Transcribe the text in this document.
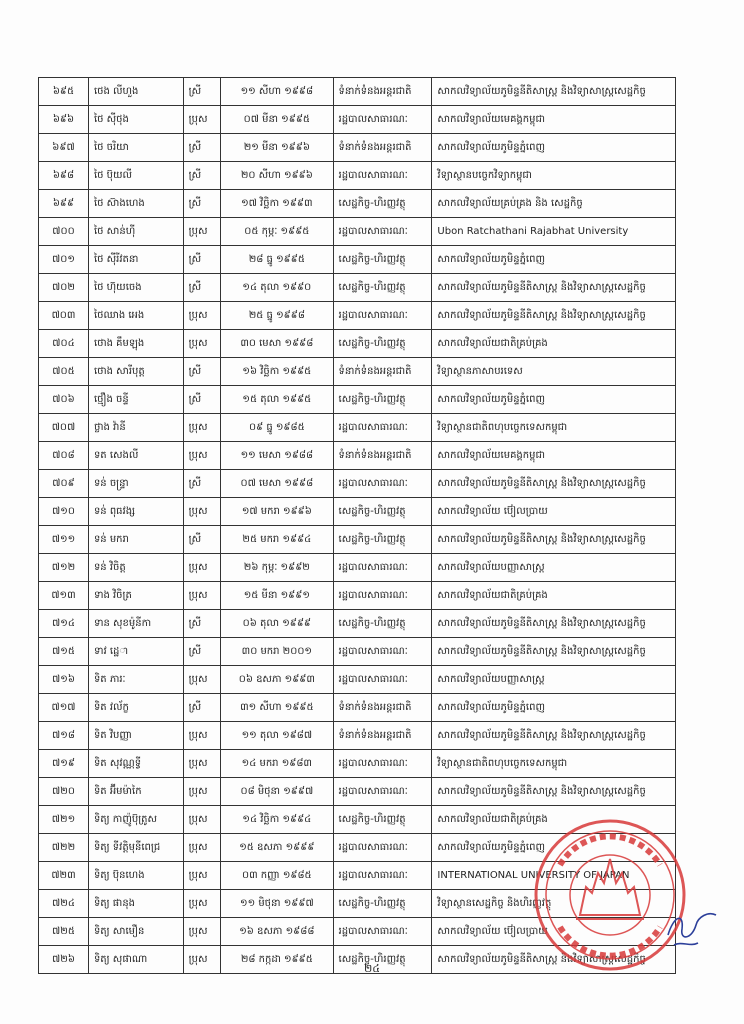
៦៩៥	ថេង លីហួង	ស្រី	១១ សីហា ១៩៩៨	ទំនាក់ទំនងអន្តរជាតិ	សាកលវិទ្យាល័យភូមិន្ទនីតិសាស្ត្រ និងវិទ្យាសាស្ត្រសេដ្ឋកិច្ច
៦៩៦	ថៃ ស៊ីថុង	ប្រុស	០៧ មីនា ១៩៩៥	រដ្ឋបាលសាធារណៈ	សាកលវិទ្យាល័យមេគង្គកម្ពុជា
៦៩៧	ថៃ ចរិយា	ស្រី	២១ មីនា ១៩៩៦	ទំនាក់ទំនងអន្តរជាតិ	សាកលវិទ្យាល័យភូមិន្ទភ្នំពេញ
៦៩៨	ថៃ ប៊ុយលី	ស្រី	២០ សីហា ១៩៩៦	រដ្ឋបាលសាធារណៈ	វិទ្យាស្ថានបច្ចេកវិទ្យាកម្ពុជា
៦៩៩	ថៃ ស៊ាងហេង	ស្រី	១៧ វិច្ឆិកា ១៩៩៣	សេដ្ឋកិច្ច-ហិរញ្ញវត្ថុ	សាកលវិទ្យាល័យគ្រប់គ្រង និង សេដ្ឋកិច្ច
៧០០	ថៃ សាន់ហ៊ី	ប្រុស	០៥ កុម្ភៈ ១៩៩៥	រដ្ឋបាលសាធារណៈ	Ubon Ratchathani Rajabhat University
៧០១	ថៃ ស៊ីរីវតនា	ស្រី	២៨ ធ្នូ ១៩៩៥	សេដ្ឋកិច្ច-ហិរញ្ញវត្ថុ	សាកលវិទ្យាល័យភូមិន្ទភ្នំពេញ
៧០២	ថៃ ហ៊ុយចេង	ស្រី	១៤ តុលា ១៩៩០	សេដ្ឋកិច្ច-ហិរញ្ញវត្ថុ	សាកលវិទ្យាល័យភូមិន្ទនីតិសាស្ត្រ និងវិទ្យាសាស្ត្រសេដ្ឋកិច្ច
៧០៣	ថៃឈាង អេង	ប្រុស	២៥ ធ្នូ ១៩៩៨	រដ្ឋបាលសាធារណៈ	សាកលវិទ្យាល័យភូមិន្ទនីតិសាស្ត្រ និងវិទ្យាសាស្ត្រសេដ្ឋកិច្ច
៧០៤	ថោង គឹមឡុង	ប្រុស	៣០ មេសា ១៩៩៨	សេដ្ឋកិច្ច-ហិរញ្ញវត្ថុ	សាកលវិទ្យាល័យជាតិគ្រប់គ្រង
៧០៥	ថោង សារីបុត្ត	ស្រី	១៦ វិច្ឆិកា ១៩៩៥	ទំនាក់ទំនងអន្តរជាតិ	វិទ្យាស្ថានភាសាបរទេស
៧០៦	ថ្មឿង ចន្ទី	ស្រី	១៥ តុលា ១៩៩៥	សេដ្ឋកិច្ច-ហិរញ្ញវត្ថុ	សាកលវិទ្យាល័យភូមិន្ទភ្នំពេញ
៧០៧	ថ្លាង វ៉ានី	ប្រុស	០៩ ធ្នូ ១៩៨៥	រដ្ឋបាលសាធារណៈ	វិទ្យាស្ថានជាតិពហុបច្ចេកទេសកម្ពុជា
៧០៨	ទត សេងលី	ប្រុស	១១ មេសា ១៩៨៨	ទំនាក់ទំនងអន្តរជាតិ	សាកលវិទ្យាល័យមេគង្គកម្ពុជា
៧០៩	ទន់ ចន្រ្ទា	ស្រី	០៧ មេសា ១៩៩៨	រដ្ឋបាលសាធារណៈ	សាកលវិទ្យាល័យភូមិន្ទនីតិសាស្ត្រ និងវិទ្យាសាស្ត្រសេដ្ឋកិច្ច
៧១០	ទន់ ពុធវង្ស	ប្រុស	១៧ មករា ១៩៩៦	សេដ្ឋកិច្ច-ហិរញ្ញវត្ថុ	សាកលវិទ្យាល័យ ប៊ៀលប្រាយ
៧១១	ទន់ មករា	ស្រី	២៥ មករា ១៩៩៤	សេដ្ឋកិច្ច-ហិរញ្ញវត្ថុ	សាកលវិទ្យាល័យភូមិន្ទនីតិសាស្ត្រ និងវិទ្យាសាស្ត្រសេដ្ឋកិច្ច
៧១២	ទន់ វិចិត្ត	ប្រុស	២៦ កុម្ភៈ ១៩៩២	រដ្ឋបាលសាធារណៈ	សាកលវិទ្យាល័យបញ្ញាសាស្ត្រ
៧១៣	ទាង វិចិត្រ	ប្រុស	១៥ មីនា ១៩៩១	រដ្ឋបាលសាធារណៈ	សាកលវិទ្យាល័យជាតិគ្រប់គ្រង
៧១៤	ទាន សុខម៉ូនីកា	ស្រី	០៦ តុលា ១៩៩៩	សេដ្ឋកិច្ច-ហិរញ្ញវត្ថុ	សាកលវិទ្យាល័យភូមិន្ទនីតិសាស្ត្រ និងវិទ្យាសាស្ត្រសេដ្ឋកិច្ច
៧១៥	ទាវ ដេ្ឋា	ស្រី	៣០ មករា ២០០១	រដ្ឋបាលសាធារណៈ	សាកលវិទ្យាល័យភូមិន្ទនីតិសាស្ត្រ និងវិទ្យាសាស្ត្រសេដ្ឋកិច្ច
៧១៦	ទិត ភារៈ	ប្រុស	០៦ ឧសភា ១៩៩៣	រដ្ឋបាលសាធារណៈ	សាកលវិទ្យាល័យបញ្ញាសាស្ត្រ
៧១៧	ទិត វល័ក្ខ	ស្រី	៣១ សីហា ១៩៩៥	ទំនាក់ទំនងអន្តរជាតិ	សាកលវិទ្យាល័យភូមិន្ទភ្នំពេញ
៧១៨	ទិត វិបញ្ញា	ប្រុស	១១ តុលា ១៩៨៧	ទំនាក់ទំនងអន្តរជាតិ	សាកលវិទ្យាល័យភូមិន្ទនីតិសាស្ត្រ និងវិទ្យាសាស្ត្រសេដ្ឋកិច្ច
៧១៩	ទិត សុវណ្ណទ្វី	ប្រុស	១៤ មករា ១៩៨៣	រដ្ឋបាលសាធារណៈ	វិទ្យាស្ថានជាតិពហុបច្ចេកទេសកម្ពុជា
៧២០	ទិត អ៊ីមម៉ាកៃ	ប្រុស	០៨ មិថុនា ១៩៩៧	រដ្ឋបាលសាធារណៈ	សាកលវិទ្យាល័យភូមិន្ទនីតិសាស្ត្រ និងវិទ្យាសាស្ត្រសេដ្ឋកិច្ច
៧២១	ទិត្យ កាញ៉ូប៊ុត្រូស	ប្រុស	១៤ វិច្ឆិកា ១៩៩៤	សេដ្ឋកិច្ច-ហិរញ្ញវត្ថុ	សាកលវិទ្យាល័យជាតិគ្រប់គ្រង
៧២២	ទិត្យ ទីវត្តិមុនីពេជ្រ	ប្រុស	១៥ ឧសភា ១៩៩៩	រដ្ឋបាលសាធារណៈ	សាកលវិទ្យាល័យភូមិន្ទភ្នំពេញ
៧២៣	ទិត្យ ប៊ុនហេង	ប្រុស	០៣ កញ្ញា ១៩៨៥	រដ្ឋបាលសាធារណៈ	INTERNATIONAL UNIVERSITY OF JAPAN
៧២៤	ទិត្យ ផានុង	ប្រុស	១១ មិថុនា ១៩៩៧	សេដ្ឋកិច្ច-ហិរញ្ញវត្ថុ	វិទ្យាស្ថានសេដ្ឋកិច្ច និងហិរញ្ញវត្ថុ
៧២៥	ទិត្យ សាមឿន	ប្រុស	១៦ ឧសភា ១៩៨៨	រដ្ឋបាលសាធារណៈ	សាកលវិទ្យាល័យ ប៊ៀលប្រាយ
៧២៦	ទិត្យ សុផាណា	ប្រុស	២៨ កក្កដា ១៩៩៥	សេដ្ឋកិច្ច-ហិរញ្ញវត្ថុ	សាកលវិទ្យាល័យភូមិន្ទនីតិសាស្ត្រ និងវិទ្យាសាស្ត្រសេដ្ឋកិច្ច
២៤
